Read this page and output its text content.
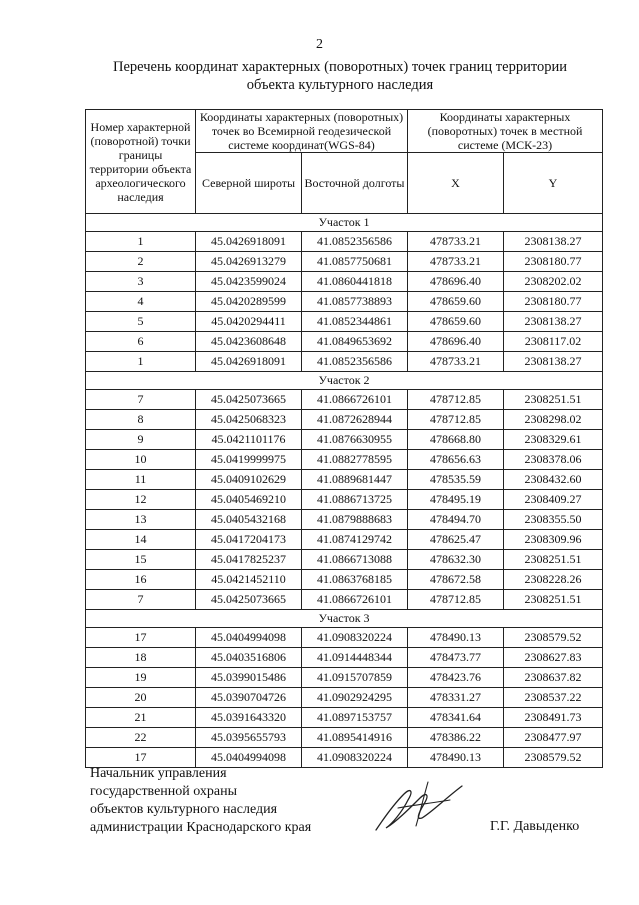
2
Перечень координат характерных (поворотных) точек границ территории
объекта культурного наследия
Номер характерной (поворотной) точки границы территории объекта археологического наследия	Координаты характерных (поворотных) точек во Всемирной геодезической системе координат(WGS-84)		Координаты характерных (поворотных) точек в местной системе (МСК-23)	
	Северной широты	Восточной долготы	X	Y
Участок 1				
1	45.0426918091	41.0852356586	478733.21	2308138.27
2	45.0426913279	41.0857750681	478733.21	2308180.77
3	45.0423599024	41.0860441818	478696.40	2308202.02
4	45.0420289599	41.0857738893	478659.60	2308180.77
5	45.0420294411	41.0852344861	478659.60	2308138.27
6	45.0423608648	41.0849653692	478696.40	2308117.02
1	45.0426918091	41.0852356586	478733.21	2308138.27
Участок 2				
7	45.0425073665	41.0866726101	478712.85	2308251.51
8	45.0425068323	41.0872628944	478712.85	2308298.02
9	45.0421101176	41.0876630955	478668.80	2308329.61
10	45.0419999975	41.0882778595	478656.63	2308378.06
11	45.0409102629	41.0889681447	478535.59	2308432.60
12	45.0405469210	41.0886713725	478495.19	2308409.27
13	45.0405432168	41.0879888683	478494.70	2308355.50
14	45.0417204173	41.0874129742	478625.47	2308309.96
15	45.0417825237	41.0866713088	478632.30	2308251.51
16	45.0421452110	41.0863768185	478672.58	2308228.26
7	45.0425073665	41.0866726101	478712.85	2308251.51
Участок 3				
17	45.0404994098	41.0908320224	478490.13	2308579.52
18	45.0403516806	41.0914448344	478473.77	2308627.83
19	45.0399015486	41.0915707859	478423.76	2308637.82
20	45.0390704726	41.0902924295	478331.27	2308537.22
21	45.0391643320	41.0897153757	478341.64	2308491.73
22	45.0395655793	41.0895414916	478386.22	2308477.97
17	45.0404994098	41.0908320224	478490.13	2308579.52
Начальник управления
государственной охраны
объектов культурного наследия
администрации Краснодарского края	Г.Г. Давыденко
